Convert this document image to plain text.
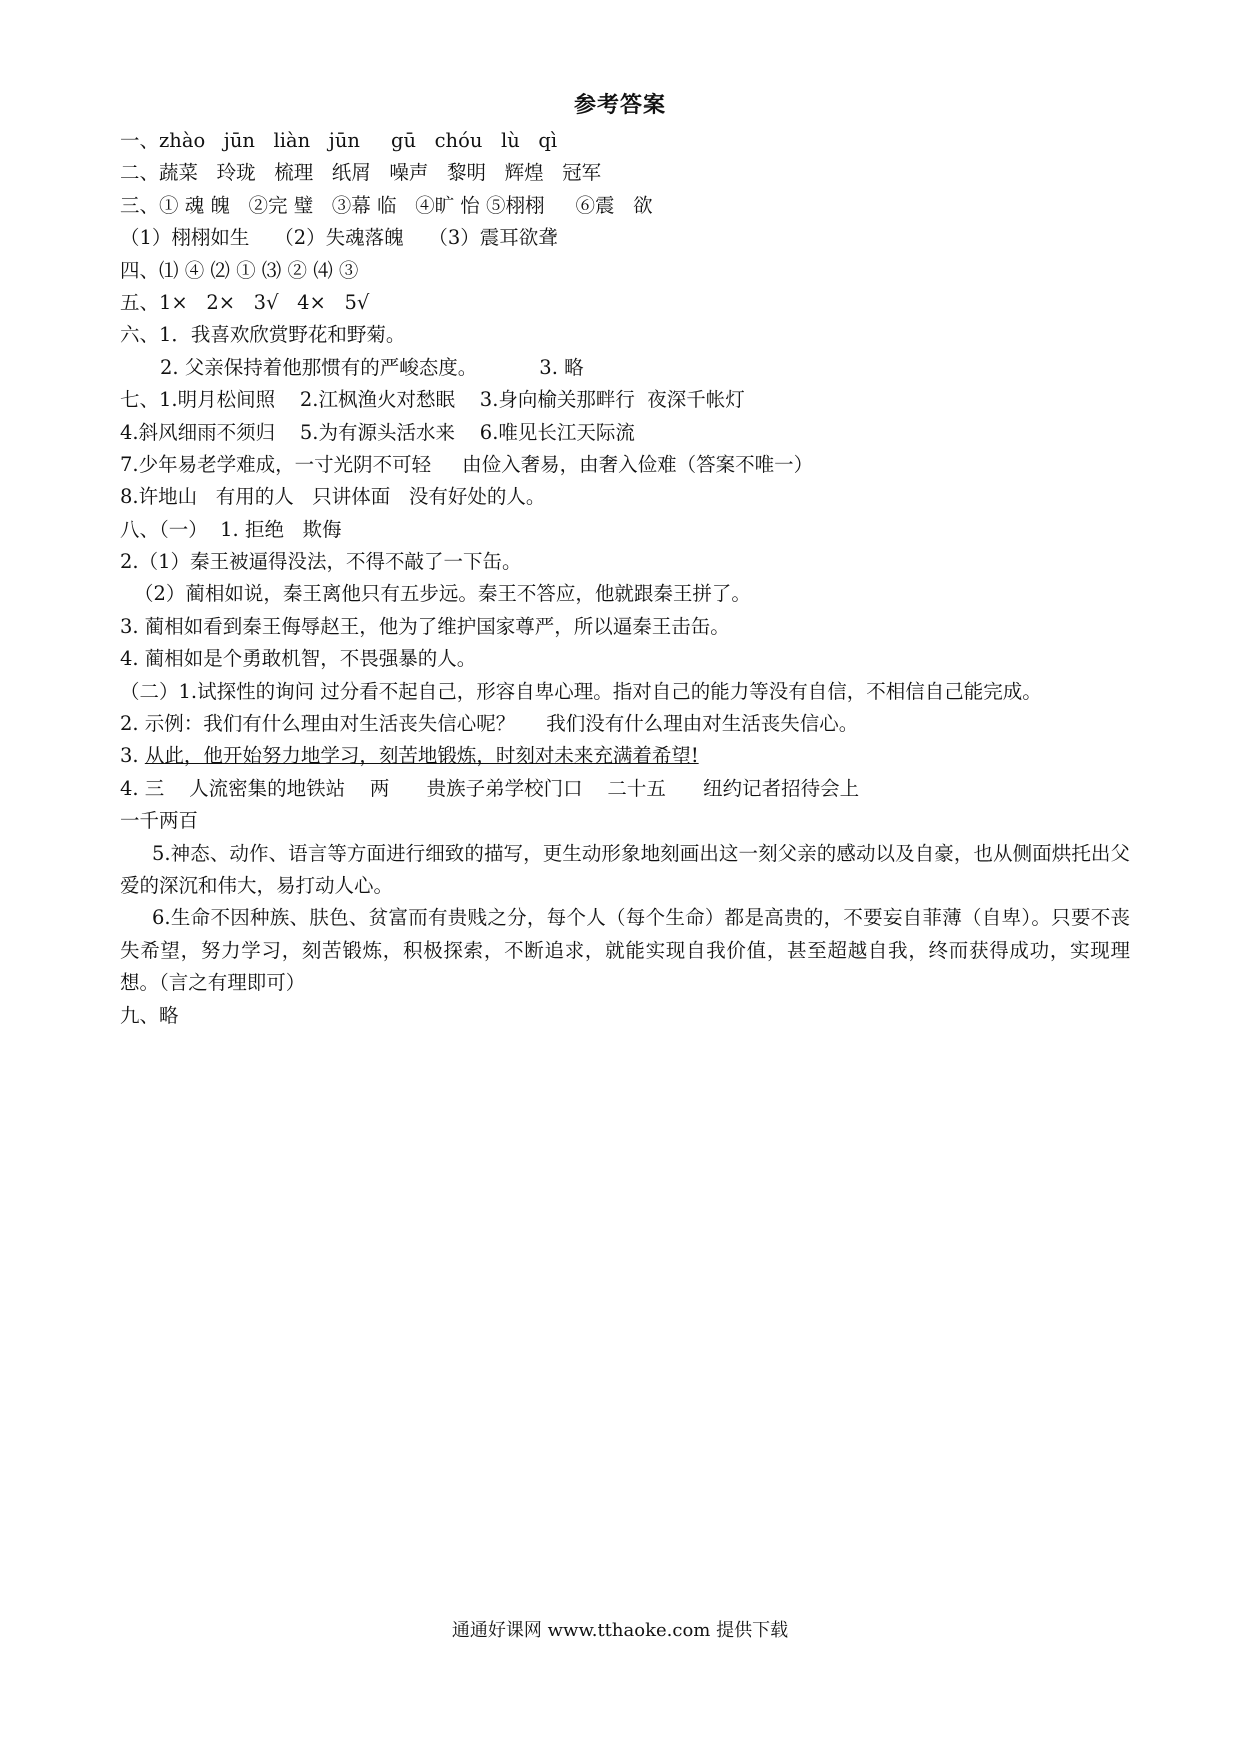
参考答案
一、zhào   jūn   liàn   jūn     gū   chóu   lù   qì
二、蔬菜   玲珑   梳理   纸屑   噪声   黎明   辉煌   冠军
三、① 魂 魄   ②完 璧   ③幕 临   ④旷 怡 ⑤栩栩     ⑥震   欲
（1）栩栩如生    （2）失魂落魄    （3）震耳欲聋
四、⑴ ④ ⑵ ① ⑶ ② ⑷ ③
五、1×   2×   3√   4×   5√
六、1．我喜欢欣赏野花和野菊。
2. 父亲保持着他那惯有的严峻态度。          3. 略
七、1.明月松间照    2.江枫渔火对愁眠    3.身向榆关那畔行  夜深千帐灯
4.斜风细雨不须归    5.为有源头活水来    6.唯见长江天际流
7.少年易老学难成，一寸光阴不可轻     由俭入奢易，由奢入俭难（答案不唯一）
8.许地山   有用的人   只讲体面   没有好处的人。
八、（一）  1. 拒绝   欺侮
2.（1）秦王被逼得没法，不得不敲了一下缶。
（2）蔺相如说，秦王离他只有五步远。秦王不答应，他就跟秦王拼了。
3. 蔺相如看到秦王侮辱赵王，他为了维护国家尊严，所以逼秦王击缶。
4. 蔺相如是个勇敢机智，不畏强暴的人。
（二）1.试探性的询问 过分看不起自己，形容自卑心理。指对自己的能力等没有自信，不相信自己能完成。
2. 示例：我们有什么理由对生活丧失信心呢？     我们没有什么理由对生活丧失信心。
3. 从此，他开始努力地学习，刻苦地锻炼，时刻对未来充满着希望!
4. 三    人流密集的地铁站    两      贵族子弟学校门口    二十五      纽约记者招待会上
一千两百
5.神态、动作、语言等方面进行细致的描写，更生动形象地刻画出这一刻父亲的感动以及自豪，也从侧面烘托出父爱的深沉和伟大，易打动人心。
6.生命不因种族、肤色、贫富而有贵贱之分，每个人（每个生命）都是高贵的，不要妄自菲薄（自卑）。只要不丧失希望，努力学习，刻苦锻炼，积极探索，不断追求，就能实现自我价值，甚至超越自我，终而获得成功，实现理想。（言之有理即可）
九、略
通通好课网 www.tthaoke.com 提供下载
